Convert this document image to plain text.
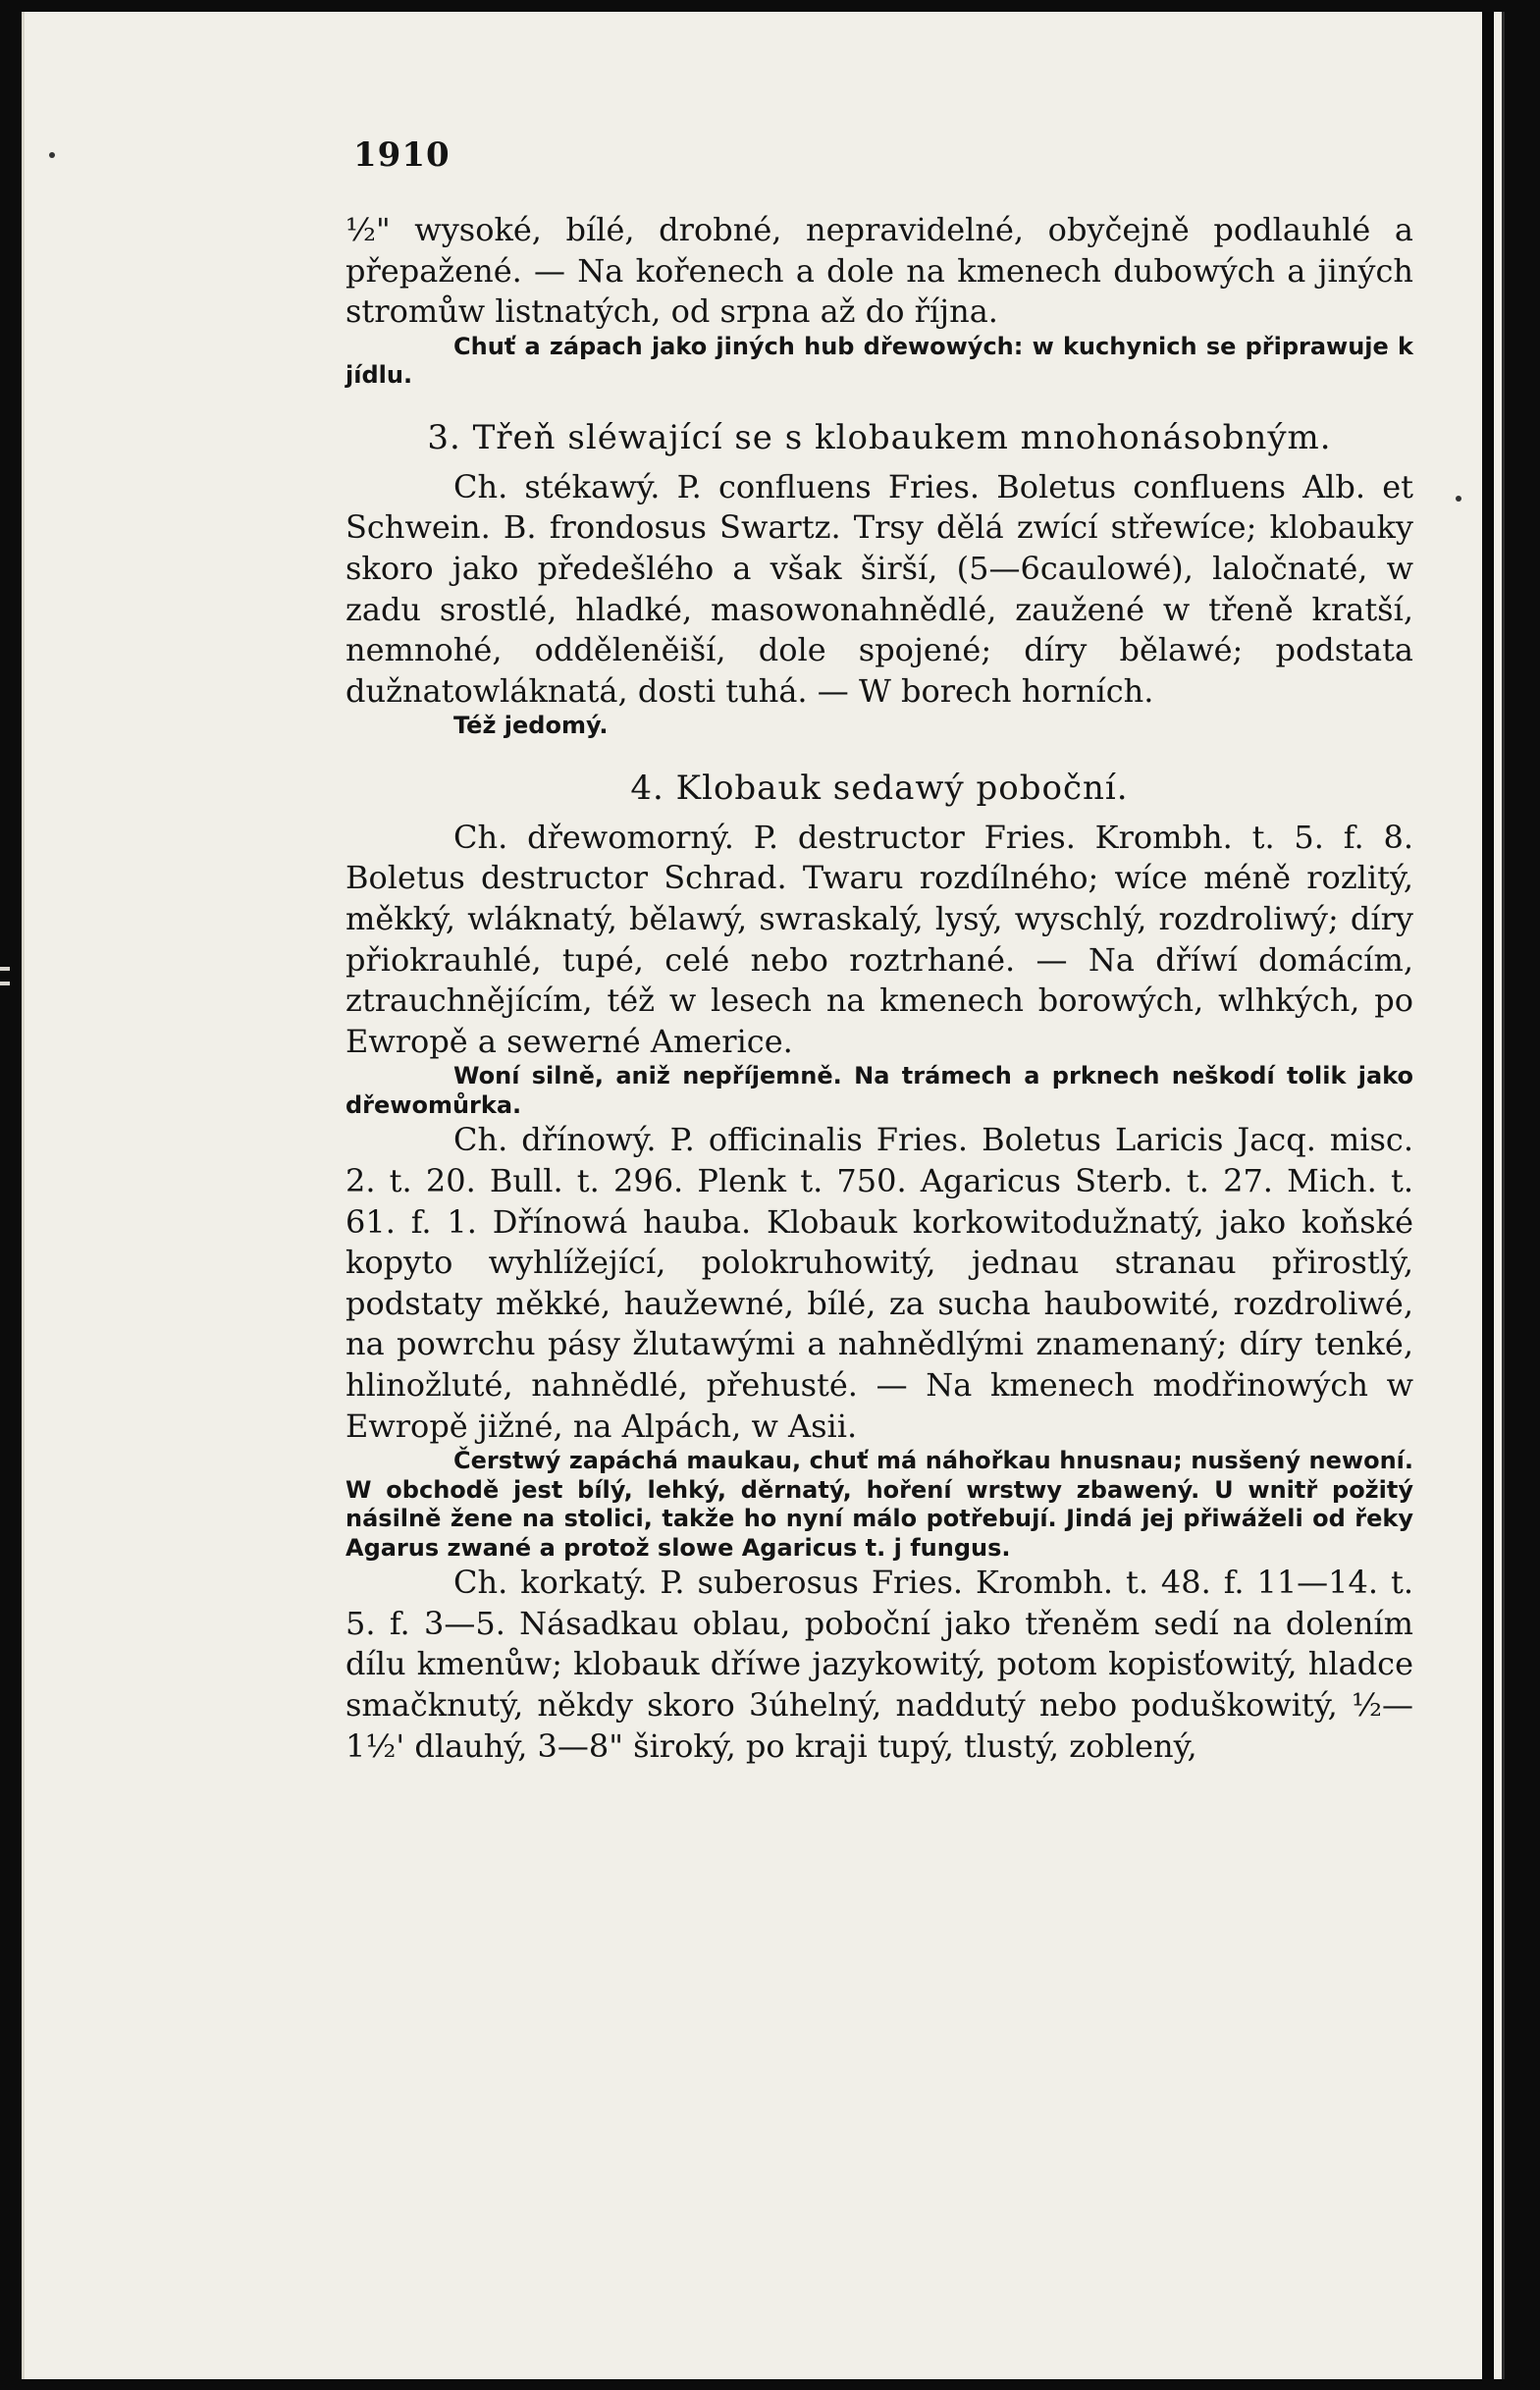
1910

½" wysoké, bílé, drobné, nepravidelné, obyčejně podlauhlé a přepažené. — Na kořenech a dole na kmenech dubowých a jiných stromůw listnatých, od srpna až do října.

Chuť a zápach jako jiných hub dřewowých: w kuchynich se připrawuje k jídlu.

3. Třeň sléwající se s klobaukem mnohonásobným.

Ch. stékawý. P. confluens Fries. Boletus confluens Alb. et Schwein. B. frondosus Swartz. Trsy dělá zwící střewíce; klobauky skoro jako předešlého a však širší, (5—6caulowé), laločnaté, w zadu srostlé, hladké, masowonahnědlé, zaužené w třeně kratší, nemnohé, odděleněiší, dole spojené; díry bělawé; podstata dužnatowláknatá, dosti tuhá. — W borech horních.

Též jedomý.

4. Klobauk sedawý poboční.

Ch. dřewomorný. P. destructor Fries. Krombh. t. 5. f. 8. Boletus destructor Schrad. Twaru rozdílného; wíce méně rozlitý, měkký, wláknatý, bělawý, swraskalý, lysý, wyschlý, rozdroliwý; díry přiokrauhlé, tupé, celé nebo roztrhané. — Na dříwí domácím, ztrauchnějícím, též w lesech na kmenech borowých, wlhkých, po Ewropě a sewerné Americe.

Woní silně, aniž nepříjemně. Na trámech a prknech neškodí tolik jako dřewomůrka.

Ch. dřínowý. P. officinalis Fries. Boletus Laricis Jacq. misc. 2. t. 20. Bull. t. 296. Plenk t. 750. Agaricus Sterb. t. 27. Mich. t. 61. f. 1. Dřínowá hauba. Klobauk korkowitodužnatý, jako koňské kopyto wyhlížející, polokruhowitý, jednau stranau přirostlý, podstaty měkké, haužewné, bílé, za sucha haubowité, rozdroliwé, na powrchu pásy žlutawými a nahnědlými znamenaný; díry tenké, hlinožluté, nahnědlé, přehusté. — Na kmenech modřinowých w Ewropě jižné, na Alpách, w Asii.

Čerstwý zapáchá maukau, chuť má náhořkau hnusnau; nusšený newoní. W obchodě jest bílý, lehký, děrnatý, hoření wrstwy zbawený. U wnitř požitý násilně žene na stolici, takže ho nyní málo potřebují. Jindá jej přiwáželi od řeky Agarus zwané a protož slowe Agaricus t. j fungus.

Ch. korkatý. P. suberosus Fries. Krombh. t. 48. f. 11—14. t. 5. f. 3—5. Násadkau oblau, poboční jako třeněm sedí na dolením dílu kmenůw; klobauk dříwe jazykowitý, potom kopisťowitý, hladce smačknutý, někdy skoro 3úhelný, naddutý nebo poduškowitý, ½—1½' dlauhý, 3—8" široký, po kraji tupý, tlustý, zoblený,
